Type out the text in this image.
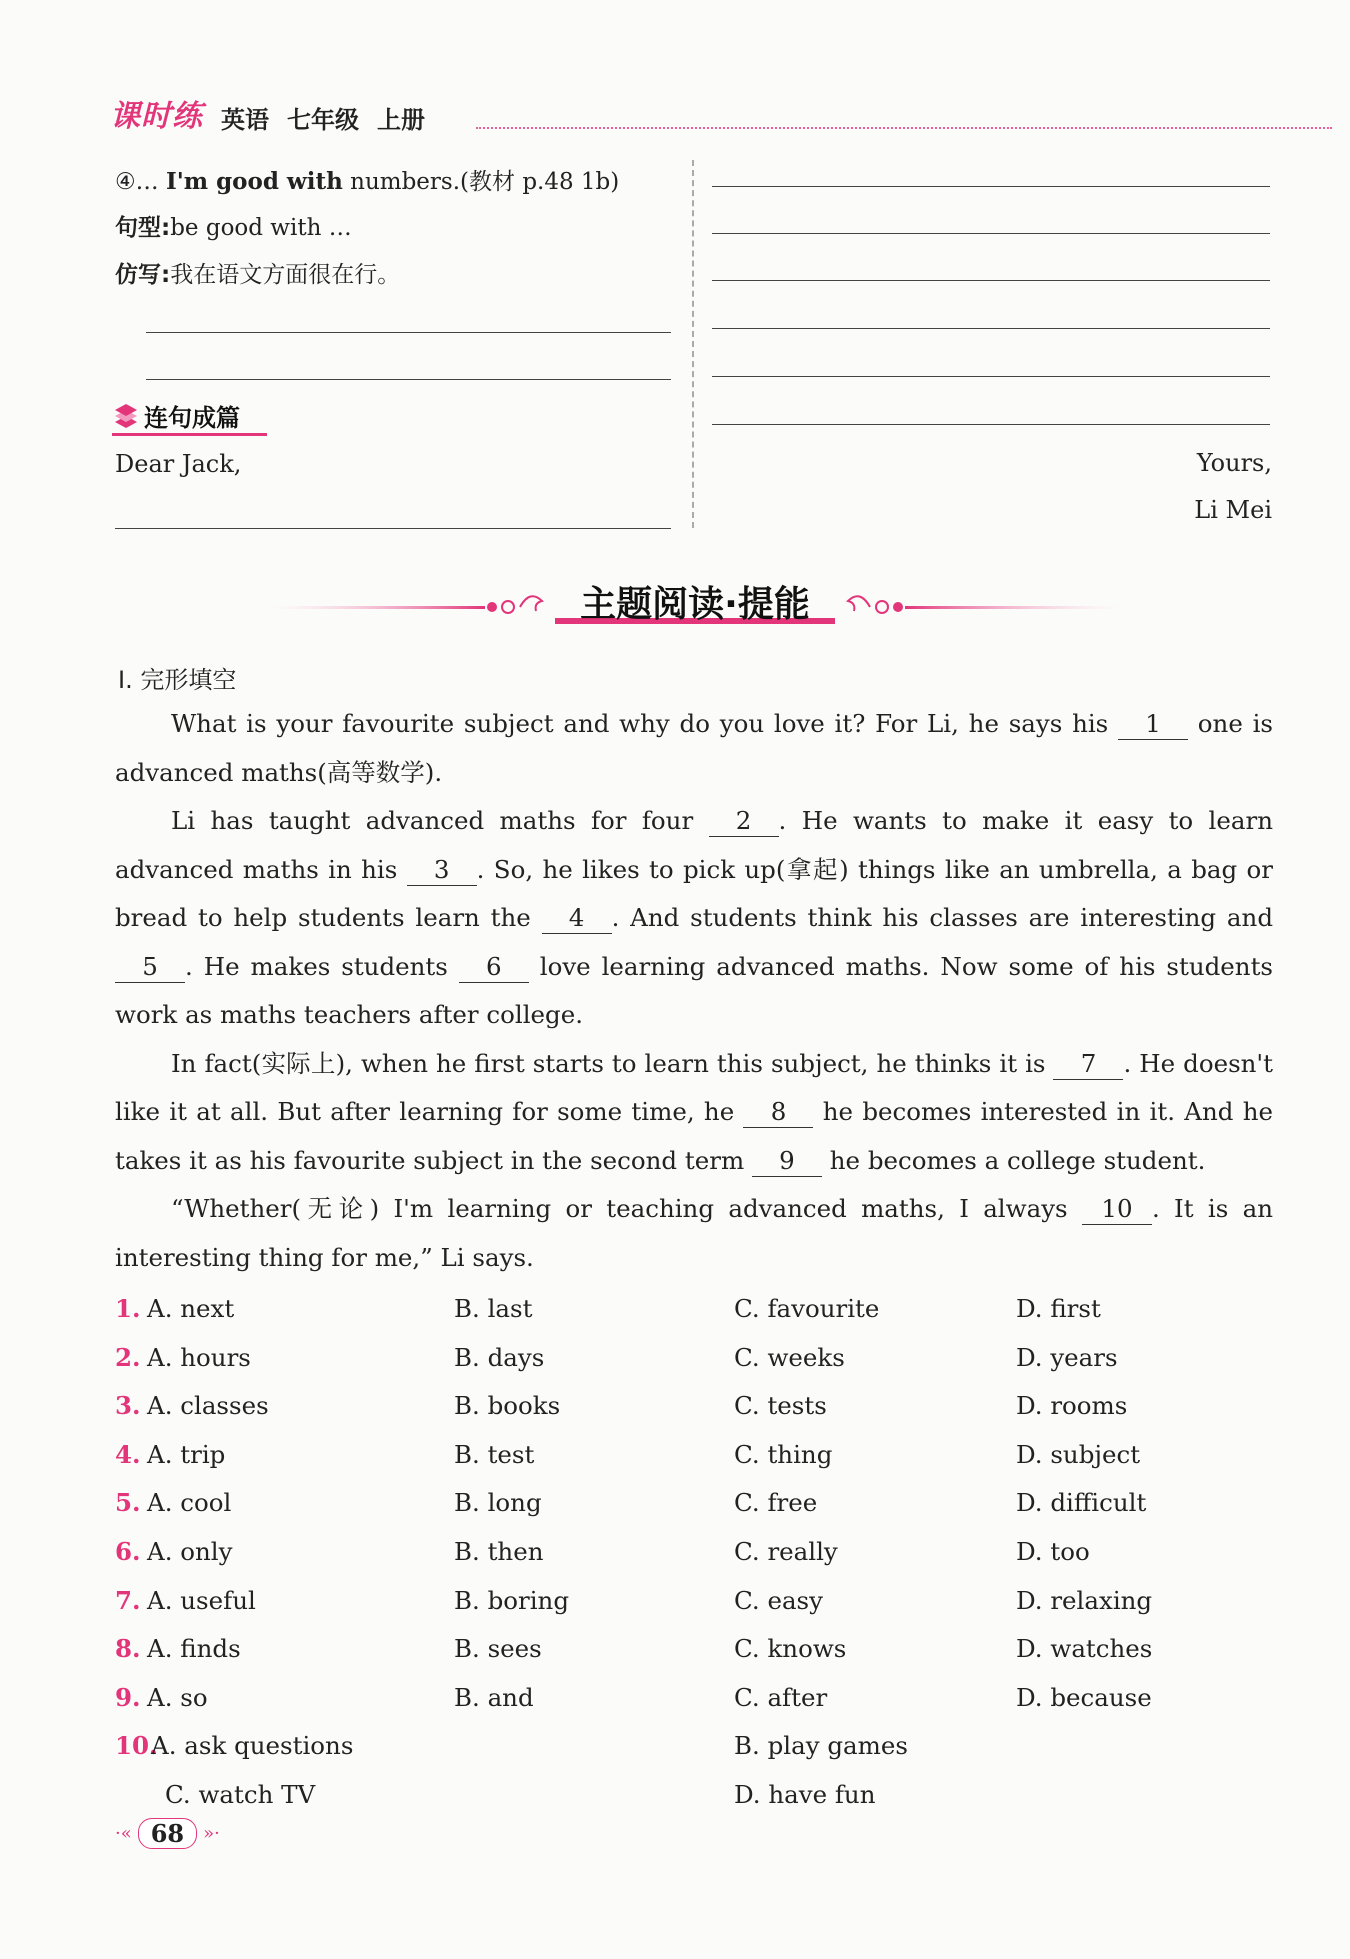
课时练 英语 七年级 上册
④… I'm good with numbers.(教材 p.48 1b)
句型:be good with …
仿写:我在语文方面很在行。
连句成篇
Dear Jack,	Yours,
Li Mei
主题阅读·提能
Ⅰ. 完形填空

What is your favourite subject and why do you love it? For Li, he says his 1 one is advanced maths(高等数学).

Li has taught advanced maths for four 2 . He wants to make it easy to learn advanced maths in his 3 . So, he likes to pick up(拿起) things like an umbrella, a bag or bread to help students learn the 4 . And students think his classes are interesting and 5 . He makes students 6 love learning advanced maths. Now some of his students work as maths teachers after college.

In fact(实际上), when he first starts to learn this subject, he thinks it is 7 . He doesn't like it at all. But after learning for some time, he 8 he becomes interested in it. And he takes it as his favourite subject in the second term 9 he becomes a college student.

“Whether(无论) I'm learning or teaching advanced maths, I always 10 . It is an interesting thing for me,” Li says.

1. A. next	B. last	C. favourite	D. first
2. A. hours	B. days	C. weeks	D. years
3. A. classes	B. books	C. tests	D. rooms
4. A. trip	B. test	C. thing	D. subject
5. A. cool	B. long	C. free	D. difficult
6. A. only	B. then	C. really	D. too
7. A. useful	B. boring	C. easy	D. relaxing
8. A. finds	B. sees	C. knows	D. watches
9. A. so	B. and	C. after	D. because
10.
A. ask questions	B. play games
C. watch TV	D. have fun
·« 68	»·
